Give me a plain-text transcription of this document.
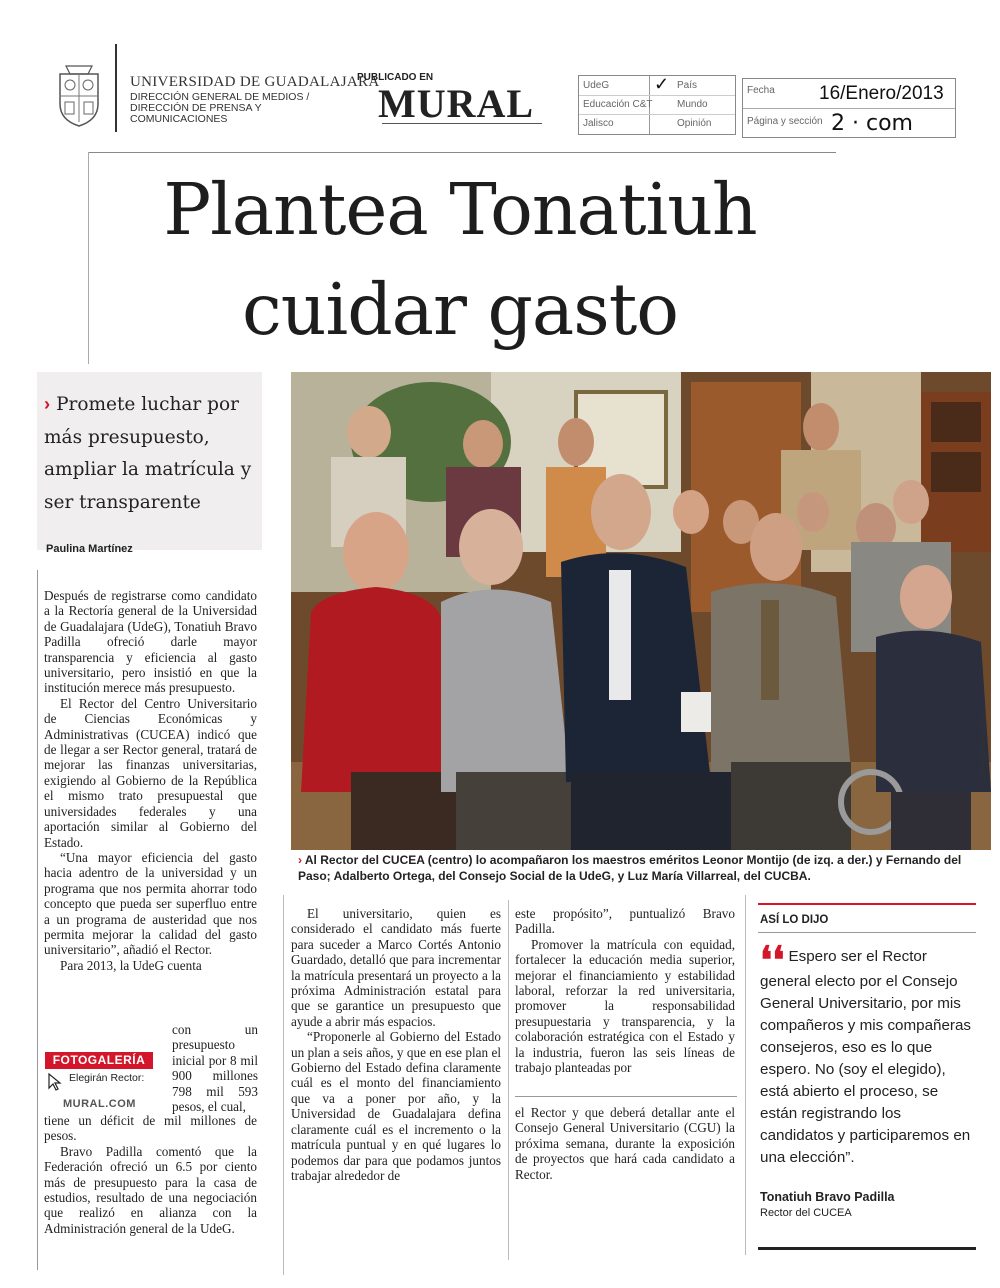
UNIVERSIDAD DE GUADALAJARA
DIRECCIÓN GENERAL DE MEDIOS / DIRECCIÓN DE PRENSA Y COMUNICACIONES
PUBLICADO EN
MURAL	UdeG ✓ País
Educación C&T Mundo
Jalisco	Opinión
Fecha 16/Enero/2013
Página y sección 2 · com
Plantea Tonatiuh
cuidar gasto
› Promete luchar por más presupuesto, ampliar la matrícula y ser transparente
Paulina Martínez

Después de registrarse como candidato a la Rectoría general de la Universidad de Guadalajara (UdeG), Tonatiuh Bravo Padilla ofreció darle mayor transparencia y eficiencia al gasto universitario, pero insistió en que la institución merece más presupuesto.

El Rector del Centro Universitario de Ciencias Económicas y Administrativas (CUCEA) indicó que de llegar a ser Rector general, tratará de mejorar las finanzas universitarias, exigiendo al Gobierno de la República el mismo trato presupuestal que universidades federales y una aportación similar al Gobierno del Estado.

“Una mayor eficiencia del gasto hacia adentro de la universidad y un programa que nos permita ahorrar todo concepto que pueda ser superfluo entre a un programa de austeridad que nos permita mejorar la calidad del gasto universitario”, añadió el Rector.

Para 2013, la UdeG cuenta

con un presupuesto inicial por 8 mil 900 millones 798 mil 593 pesos, el cual,
FOTOGALERÍA
Elegirán Rector:
MURAL.COM

tiene un déficit de mil millones de pesos.

Bravo Padilla comentó que la Federación ofreció un 6.5 por ciento más de presupuesto para la casa de estudios, resultado de una negociación que realizó en alianza con la Administración general de la UdeG.

Maricarmen Galindo
› Al Rector del CUCEA (centro) lo acompañaron los maestros eméritos Leonor Montijo (de izq. a der.) y Fernando del Paso; Adalberto Ortega, del Consejo Social de la UdeG, y Luz María Villarreal, del CUCBA.

El universitario, quien es considerado el candidato más fuerte para suceder a Marco Cortés Antonio Guardado, detalló que para incrementar la matrícula presentará un proyecto a la próxima Administración estatal para que se garantice un presupuesto que ayude a abrir más espacios.

“Proponerle al Gobierno del Estado un plan a seis años, y que en ese plan el Gobierno del Estado defina claramente cuál es el monto del financiamiento que va a poner por año, y la Universidad de Guadalajara defina claramente cuál es el incremento o la matrícula puntual y en qué lugares lo podemos dar para que podamos juntos trabajar alrededor de

este propósito”, puntualizó Bravo Padilla.

Promover la matrícula con equidad, fortalecer la educación media superior, mejorar el financiamiento y estabilidad laboral, reforzar la red universitaria, promover la responsabilidad presupuestaria y transparencia, y la colaboración estratégica con el Estado y la industria, fueron las seis líneas de trabajo planteadas por

el Rector y que deberá detallar ante el Consejo General Universitario (CGU) la próxima semana, durante la exposición de proyectos que hará cada candidato a Rector.
ASÍ LO DIJO
❛❛ Espero ser el Rector general electo por el Consejo General Universitario, por mis compañeros y mis compañeras consejeros, eso es lo que espero. No (soy el elegido), está abierto el proceso, se están registrando los candidatos y participaremos en una elección”.
Tonatiuh Bravo Padilla
Rector del CUCEA
